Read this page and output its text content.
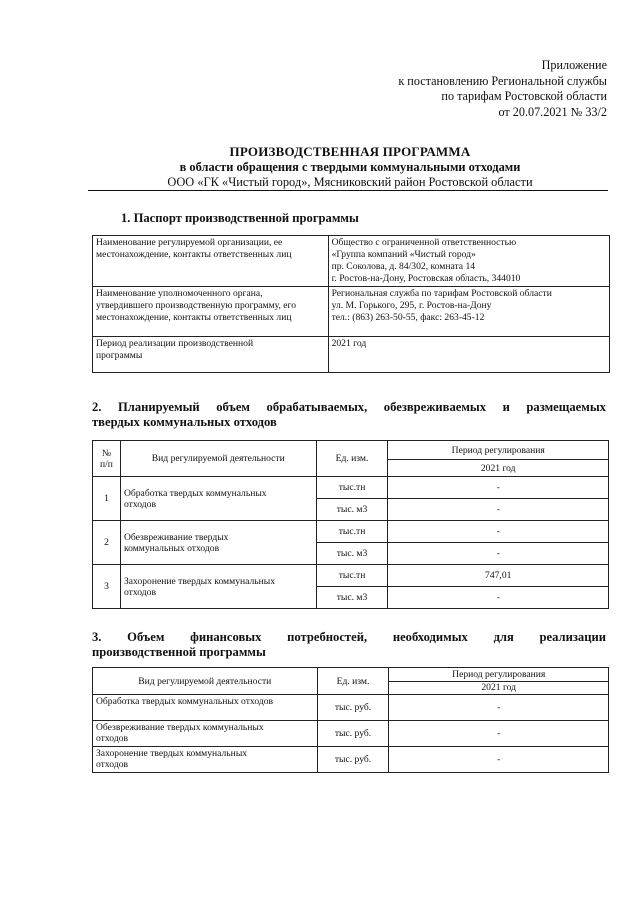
Приложение
к постановлению Региональной службы
по тарифам Ростовской области
от 20.07.2021 № 33/2
ПРОИЗВОДСТВЕННАЯ ПРОГРАММА
в области обращения с твердыми коммунальными отходами
ООО «ГК «Чистый город», Мясниковский район Ростовской области
1. Паспорт производственной программы
Наименование регулируемой организации, ее
местонахождение, контакты ответственных лиц	Общество с ограниченной ответственностью
«Группа компаний «Чистый город»
пр. Соколова, д. 84/302, комната 14
г. Ростов-на-Дону, Ростовская область, 344010

Наименование уполномоченного органа,
утвердившего производственную программу, его
местонахождение, контакты ответственных лиц	Региональная служба по тарифам Ростовской области
ул. М. Горького, 295, г. Ростов-на-Дону
тел.: (863) 263-50-55, факс: 263-45-12

Период реализации производственной
программы	2021 год
2. Планируемый объем обрабатываемых, обезвреживаемых и размещаемых
твердых коммунальных отходов
№
п/п	Вид регулируемой деятельности	Ед. изм.	Период регулирования
			2021 год
1	Обработка твердых коммунальных
отходов	тыс.тн	-
		тыс. м3	-
2	Обезвреживание твердых
коммунальных отходов	тыс.тн	-
		тыс. м3	-
3	Захоронение твердых коммунальных
отходов	тыс.тн	747,01
		тыс. м3	-
3. Объем финансовых потребностей, необходимых для реализации
производственной программы
Вид регулируемой деятельности	Ед. изм.	Период регулирования
		2021 год

Обработка твердых коммунальных отходов	тыс. руб.	-

Обезвреживание твердых коммунальных
отходов	тыс. руб.	-

Захоронение твердых коммунальных
отходов	тыс. руб.	-
